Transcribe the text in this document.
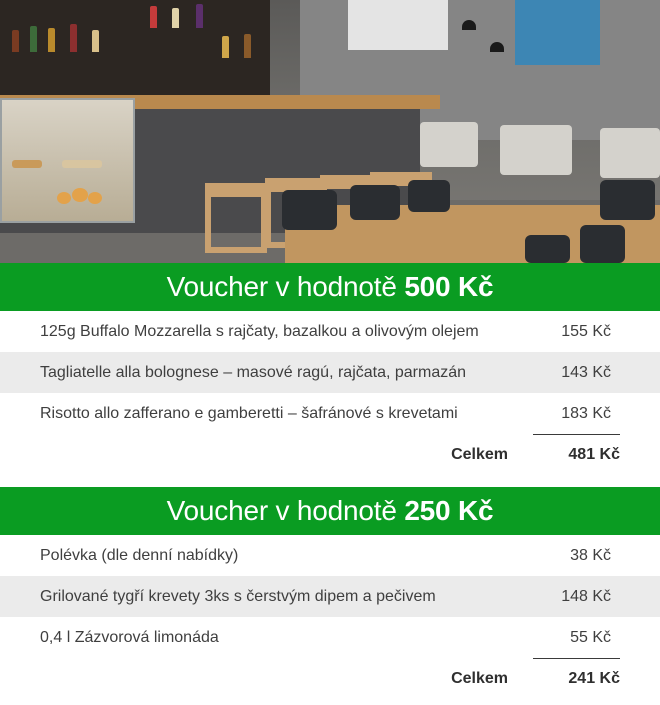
Voucher v hodnotě 500 Kč
125g Buffalo Mozzarella s rajčaty, bazalkou a olivovým olejem	155 Kč
Tagliatelle alla bolognese – masové ragú, rajčata, parmazán	143 Kč
Risotto allo zafferano e gamberetti – šafránové s krevetami	183 Kč
Celkem	481 Kč
Voucher v hodnotě 250 Kč
Polévka (dle denní nabídky)	38 Kč
Grilované tygří krevety 3ks s čerstvým dipem a pečivem	148 Kč
0,4 l Zázvorová limonáda	55 Kč
Celkem	241 Kč
